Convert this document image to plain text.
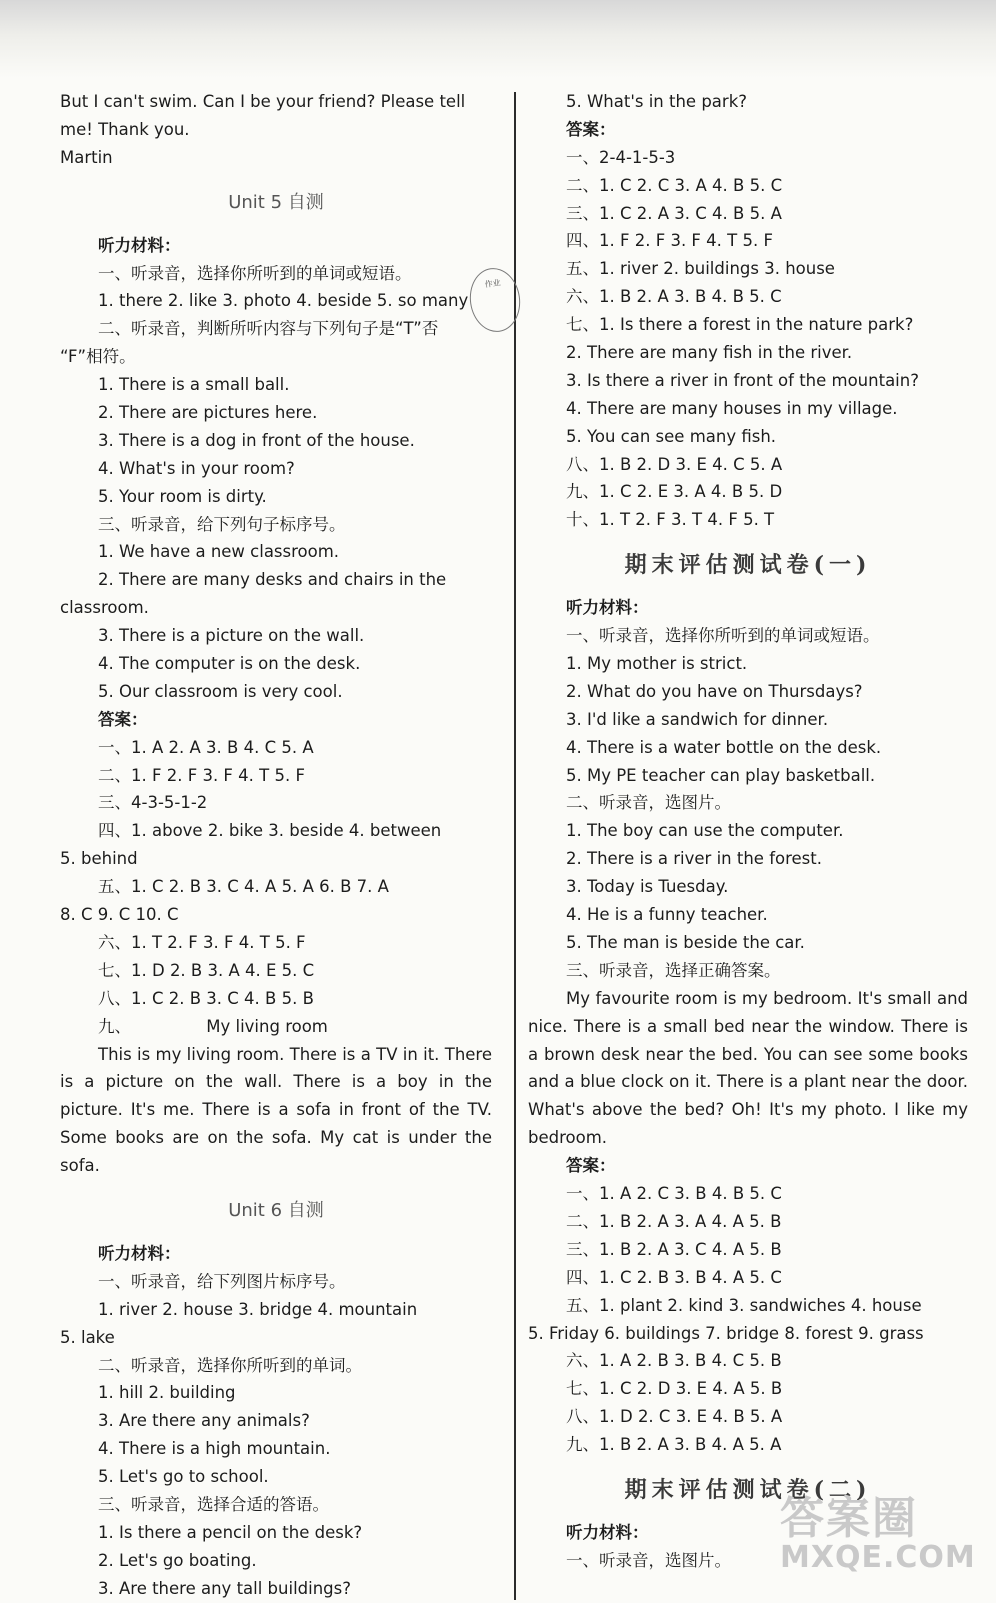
作业
But I can't swim. Can I be your friend? Please tell
me! Thank you.
Martin
Unit 5 自测
听力材料：
一、听录音，选择你所听到的单词或短语。
1. there 2. like 3. photo 4. beside 5. so many
二、听录音，判断所听内容与下列句子是“T”否
“F”相符。
1. There is a small ball.
2. There are pictures here.
3. There is a dog in front of the house.
4. What's in your room?
5. Your room is dirty.
三、听录音，给下列句子标序号。
1. We have a new classroom.
2. There are many desks and chairs in the
classroom.
3. There is a picture on the wall.
4. The computer is on the desk.
5. Our classroom is very cool.
答案：
一、1. A 2. A 3. B 4. C 5. A
二、1. F 2. F 3. F 4. T 5. F
三、4-3-5-1-2
四、1. above 2. bike 3. beside 4. between
5. behind
五、1. C 2. B 3. C 4. A 5. A 6. B 7. A
8. C 9. C 10. C
六、1. T 2. F 3. F 4. T 5. F
七、1. D 2. B 3. A 4. E 5. C
八、1. C 2. B 3. C 4. B 5. B
九、	My living room
This is my living room. There is a TV in it. There is a picture on the wall. There is a boy in the picture. It's me. There is a sofa in front of the TV. Some books are on the sofa. My cat is under the sofa.
Unit 6 自测
听力材料：
一、听录音，给下列图片标序号。
1. river 2. house 3. bridge 4. mountain
5. lake
二、听录音，选择你所听到的单词。
1. hill 2. building
3. Are there any animals?
4. There is a high mountain.
5. Let's go to school.
三、听录音，选择合适的答语。
1. Is there a pencil on the desk?
2. Let's go boating.
3. Are there any tall buildings?
5. What's in the park?
答案：
一、2-4-1-5-3
二、1. C 2. C 3. A 4. B 5. C
三、1. C 2. A 3. C 4. B 5. A
四、1. F 2. F 3. F 4. T 5. F
五、1. river 2. buildings 3. house
六、1. B 2. A 3. B 4. B 5. C
七、1. Is there a forest in the nature park?
2. There are many fish in the river.
3. Is there a river in front of the mountain?
4. There are many houses in my village.
5. You can see many fish.
八、1. B 2. D 3. E 4. C 5. A
九、1. C 2. E 3. A 4. B 5. D
十、1. T 2. F 3. T 4. F 5. T
期末评估测试卷(一)
听力材料：
一、听录音，选择你所听到的单词或短语。
1. My mother is strict.
2. What do you have on Thursdays?
3. I'd like a sandwich for dinner.
4. There is a water bottle on the desk.
5. My PE teacher can play basketball.
二、听录音，选图片。
1. The boy can use the computer.
2. There is a river in the forest.
3. Today is Tuesday.
4. He is a funny teacher.
5. The man is beside the car.
三、听录音，选择正确答案。
My favourite room is my bedroom. It's small and nice. There is a small bed near the window. There is a brown desk near the bed. You can see some books and a blue clock on it. There is a plant near the door. What's above the bed? Oh! It's my photo. I like my bedroom.
答案：
一、1. A 2. C 3. B 4. B 5. C
二、1. B 2. A 3. A 4. A 5. B
三、1. B 2. A 3. C 4. A 5. B
四、1. C 2. B 3. B 4. A 5. C
五、1. plant 2. kind 3. sandwiches 4. house
5. Friday 6. buildings 7. bridge 8. forest 9. grass
六、1. A 2. B 3. B 4. C 5. B
七、1. C 2. D 3. E 4. A 5. B
八、1. D 2. C 3. E 4. B 5. A
九、1. B 2. A 3. B 4. A 5. A
期末评估测试卷(二)
听力材料：
一、听录音，选图片。
答案圈
MXQE.COM
